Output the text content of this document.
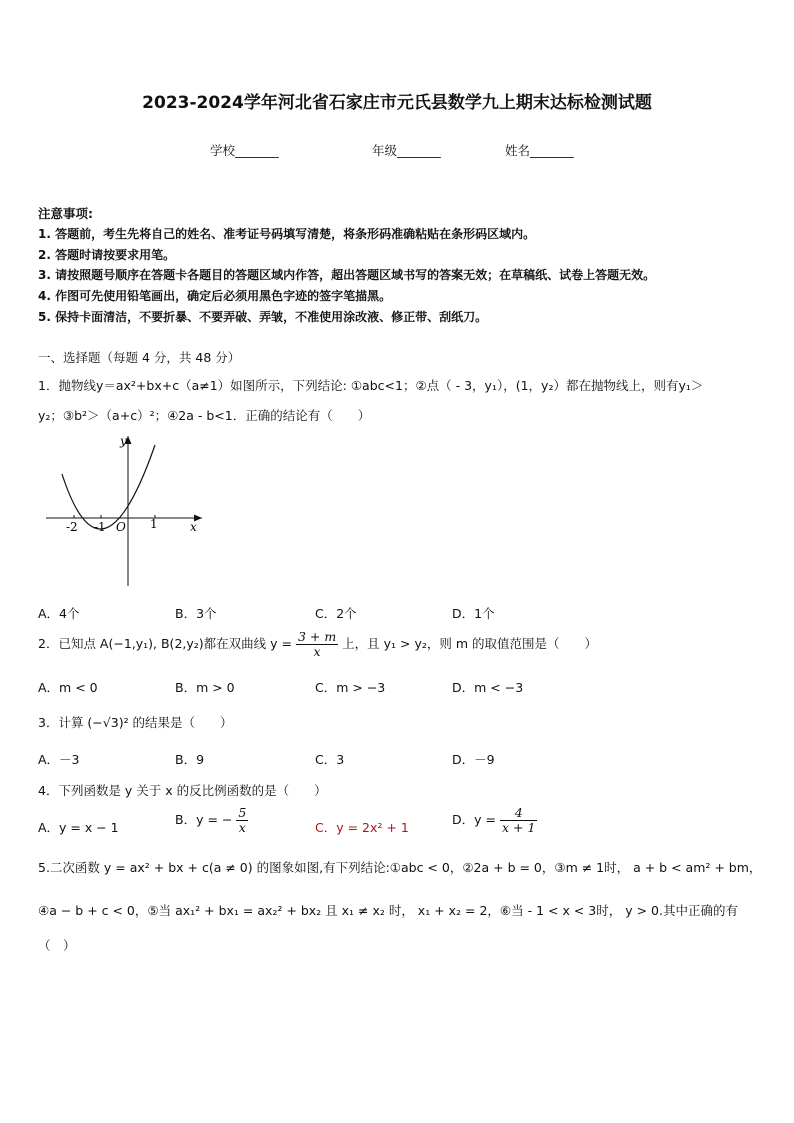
2023-2024学年河北省石家庄市元氏县数学九上期末达标检测试题
学校_______	年级_______	姓名_______
注意事项:
1. 答题前，考生先将自己的姓名、准考证号码填写清楚，将条形码准确粘贴在条形码区域内。
2. 答题时请按要求用笔。
3. 请按照题号顺序在答题卡各题目的答题区域内作答，超出答题区域书写的答案无效；在草稿纸、试卷上答题无效。
4. 作图可先使用铅笔画出，确定后必须用黑色字迹的签字笔描黑。
5. 保持卡面清洁，不要折暴、不要弄破、弄皱，不准使用涂改液、修正带、刮纸刀。
一、选择题（每题 4 分，共 48 分）
1．抛物线y＝ax²+bx+c（a≠1）如图所示，下列结论: ①abc<1；②点（ - 3，y₁），(1，y₂）都在抛物线上，则有y₁＞
y₂；③b²＞（a+c）²；④2a - b<1．正确的结论有（　　）
y
x
O
-2 -1	1
A．4个	B．3个	C．2个	D．1个
2．已知点 A(−1,y₁), B(2,y₂)都在双曲线 $y = \frac{3 + m}{x}$ 上，且 y₁ > y₂，则 m 的取值范围是（　　）
A．m < 0	B．m > 0	C．m > −3	D．m < −3
3．计算 (−√3)² 的结果是（　　）
A．－3	B．9	C．3	D．－9
4．下列函数是 y 关于 x 的反比例函数的是（　　）
A．y = x − 1
B．y = − $\frac{5}{x}$	C．y = 2x² + 1
D．$y = \frac{4}{x + 1}$
5.二次函数 y = ax² + bx + c(a ≠ 0) 的图象如图,有下列结论:①abc < 0，②2a + b = 0，③m ≠ 1时， a + b < am² + bm，
④a − b + c < 0，⑤当 ax₁² + bx₁ = ax₂² + bx₂ 且 x₁ ≠ x₂ 时， x₁ + x₂ = 2，⑥当 - 1 < x < 3时， y > 0.其中正确的有
（　）
